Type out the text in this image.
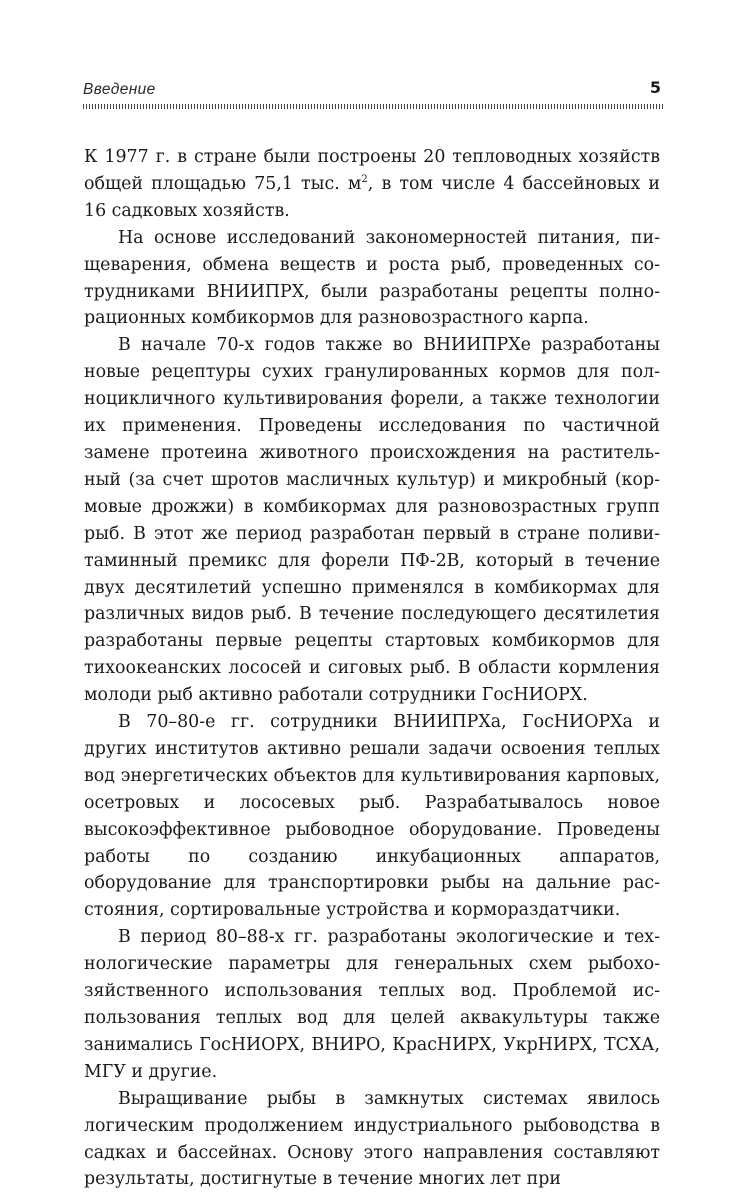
Введение	5

К 1977 г. в стране были построены 20 тепловодных хозяйств общей площадью 75,1 тыс. $м^2$, в том числе 4 бассейновых и 16 садковых хозяйств.

На основе исследований закономерностей питания, пищеварения, обмена веществ и роста рыб, проведенных сотрудниками ВНИИПРХ, были разработаны рецепты полнорационных комбикормов для разновозрастного карпа.

В начале 70-х годов также во ВНИИПРХе разработаны новые рецептуры сухих гранулированных кормов для полноцикличного культивирования форели, а также технологии их применения. Проведены исследования по частичной замене протеина животного происхождения на растительный (за счет шротов масличных культур) и микробный (кормовые дрожжи) в комбикормах для разновозрастных групп рыб. В этот же период разработан первый в стране поливитаминный премикс для форели ПФ-2В, который в течение двух десятилетий успешно применялся в комбикормах для различных видов рыб. В течение последующего десятилетия разработаны первые рецепты стартовых комбикормов для тихоокеанских лососей и сиговых рыб. В области кормления молоди рыб активно работали сотрудники ГосНИОРХ.

В 70–80-е гг. сотрудники ВНИИПРХа, ГосНИОРХа и других институтов активно решали задачи освоения теплых вод энергетических объектов для культивирования карповых, осетровых и лососевых рыб. Разрабатывалось новое высокоэффективное рыбоводное оборудование. Проведены работы по созданию инкубационных аппаратов, оборудование для транспортировки рыбы на дальние расстояния, сортировальные устройства и кормораздатчики.

В период 80–88-х гг. разработаны экологические и технологические параметры для генеральных схем рыбохозяйственного использования теплых вод. Проблемой использования теплых вод для целей аквакультуры также занимались ГосНИОРХ, ВНИРО, КрасНИРХ, УкрНИРХ, ТСХА, МГУ и другие.

Выращивание рыбы в замкнутых системах явилось логическим продолжением индустриального рыбоводства в садках и бассейнах. Основу этого направления составляют результаты, достигнутые в течение многих лет при
